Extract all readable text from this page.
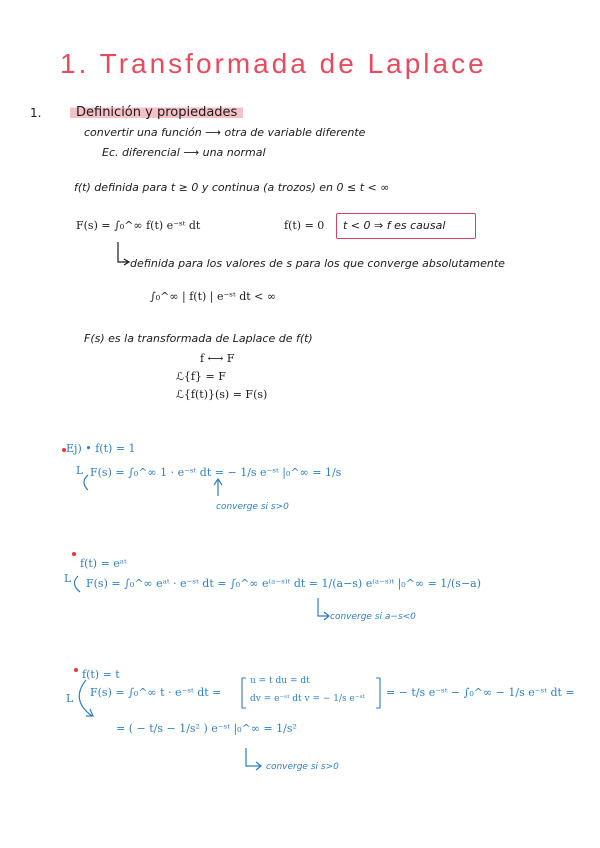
1. Transformada de Laplace
1.	Definición y propiedades
convertir una función ⟶ otra de variable diferente
Ec. diferencial ⟶ una normal
f(t) definida para t ≥ 0 y continua (a trozos) en 0 ≤ t < ∞
F(s) = ∫₀^∞ f(t) e⁻ˢᵗ dt	f(t) = 0	t < 0 ⇒ f es causal
definida para los valores de s para los que converge absolutamente
∫₀^∞ | f(t) | e⁻ˢᵗ dt < ∞
F(s) es la transformada de Laplace de f(t)
f ⟷ F
ℒ{f} = F
ℒ{f(t)}(s) = F(s)
Ej) • f(t) = 1
L F(s) = ∫₀^∞ 1 · e⁻ˢᵗ dt = − 1/s e⁻ˢᵗ |₀^∞ = 1/s
converge si s>0
f(t) = eᵃᵗ
L F(s) = ∫₀^∞ eᵃᵗ · e⁻ˢᵗ dt = ∫₀^∞ e⁽ᵃ⁻ˢ⁾ᵗ dt = 1/(a−s) e⁽ᵃ⁻ˢ⁾ᵗ |₀^∞ = 1/(s−a)
converge si a−s<0
f(t) = t
L F(s) = ∫₀^∞ t · e⁻ˢᵗ dt =
u = t du = dt
dv = e⁻ˢᵗ dt v = − 1/s e⁻ˢᵗ = − t/s e⁻ˢᵗ − ∫₀^∞ − 1/s e⁻ˢᵗ dt =
= ( − t/s − 1/s² ) e⁻ˢᵗ |₀^∞ = 1/s²
converge si s>0
